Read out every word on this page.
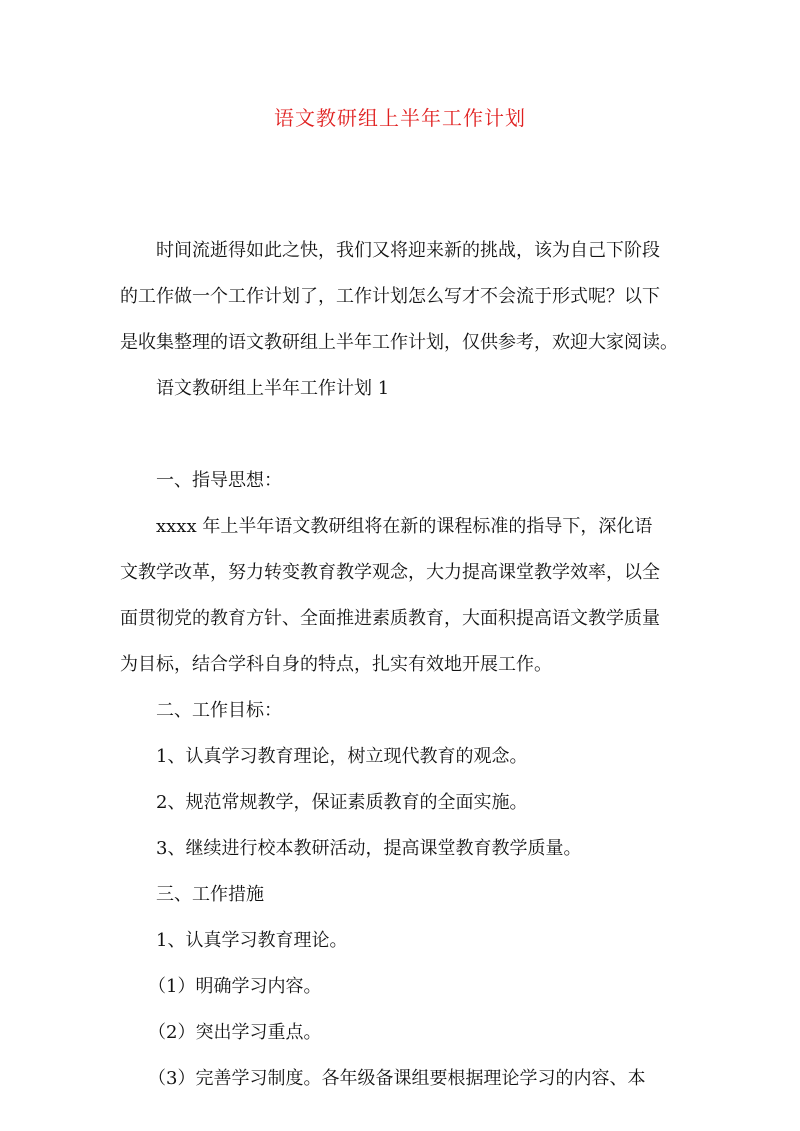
语文教研组上半年工作计划

时间流逝得如此之快，我们又将迎来新的挑战，该为自己下阶段
的工作做一个工作计划了，工作计划怎么写才不会流于形式呢？以下
是收集整理的语文教研组上半年工作计划，仅供参考，欢迎大家阅读。

语文教研组上半年工作计划 1

一、指导思想：

xxxx 年上半年语文教研组将在新的课程标准的指导下，深化语
文教学改革，努力转变教育教学观念，大力提高课堂教学效率，以全
面贯彻党的教育方针、全面推进素质教育，大面积提高语文教学质量
为目标，结合学科自身的特点，扎实有效地开展工作。

二、工作目标：

1、认真学习教育理论，树立现代教育的观念。

2、规范常规教学，保证素质教育的全面实施。

3、继续进行校本教研活动，提高课堂教育教学质量。

三、工作措施

1、认真学习教育理论。

（1）明确学习内容。

（2）突出学习重点。

（3）完善学习制度。各年级备课组要根据理论学习的内容、本
